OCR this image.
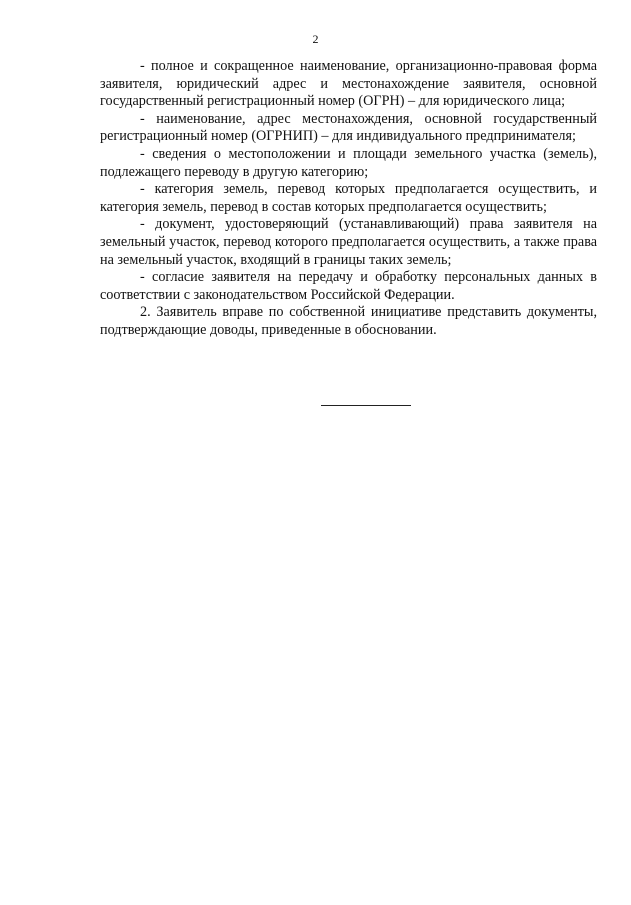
2

- полное и сокращенное наименование, организационно-правовая форма заявителя, юридический адрес и местонахождение заявителя, основной государственный регистрационный номер (ОГРН) – для юридического лица;

- наименование, адрес местонахождения, основной государственный регистрационный номер (ОГРНИП) – для индивидуального предпринимателя;

- сведения о местоположении и площади земельного участка (земель), подлежащего переводу в другую категорию;

- категория земель, перевод которых предполагается осуществить, и категория земель, перевод в состав которых предполагается осуществить;

- документ, удостоверяющий (устанавливающий) права заявителя на земельный участок, перевод которого предполагается осуществить, а также права на земельный участок, входящий в границы таких земель;

- согласие заявителя на передачу и обработку персональных данных в соответствии с законодательством Российской Федерации.

2. Заявитель вправе по собственной инициативе представить документы, подтверждающие доводы, приведенные в обосновании.
